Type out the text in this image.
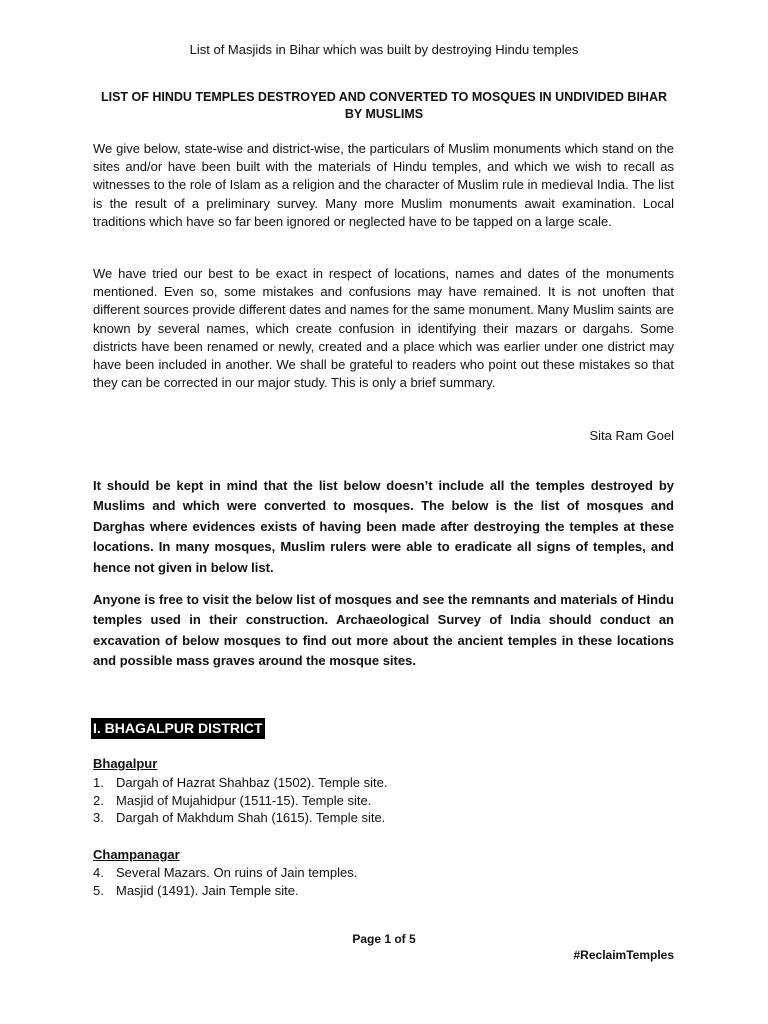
List of Masjids in Bihar which was built by destroying Hindu temples
LIST OF HINDU TEMPLES DESTROYED AND CONVERTED TO MOSQUES IN UNDIVIDED BIHAR BY MUSLIMS

We give below, state-wise and district-wise, the particulars of Muslim monuments which stand on the sites and/or have been built with the materials of Hindu temples, and which we wish to recall as witnesses to the role of Islam as a religion and the character of Muslim rule in medieval India. The list is the result of a preliminary survey. Many more Muslim monuments await examination. Local traditions which have so far been ignored or neglected have to be tapped on a large scale.

We have tried our best to be exact in respect of locations, names and dates of the monuments mentioned. Even so, some mistakes and confusions may have remained. It is not unoften that different sources provide different dates and names for the same monument. Many Muslim saints are known by several names, which create confusion in identifying their mazars or dargahs. Some districts have been renamed or newly, created and a place which was earlier under one district may have been included in another. We shall be grateful to readers who point out these mistakes so that they can be corrected in our major study. This is only a brief summary.

Sita Ram Goel

It should be kept in mind that the list below doesn’t include all the temples destroyed by Muslims and which were converted to mosques. The below is the list of mosques and Darghas where evidences exists of having been made after destroying the temples at these locations. In many mosques, Muslim rulers were able to eradicate all signs of temples, and hence not given in below list.

Anyone is free to visit the below list of mosques and see the remnants and materials of Hindu temples used in their construction. Archaeological Survey of India should conduct an excavation of below mosques to find out more about the ancient temples in these locations and possible mass graves around the mosque sites.

I. BHAGALPUR DISTRICT
Bhagalpur
1. Dargah of Hazrat Shahbaz (1502). Temple site.
2. Masjid of Mujahidpur (1511-15). Temple site.
3. Dargah of Makhdum Shah (1615). Temple site.
Champanagar
4. Several Mazars. On ruins of Jain temples.
5. Masjid (1491). Jain Temple site.
Page 1 of 5
#ReclaimTemples
